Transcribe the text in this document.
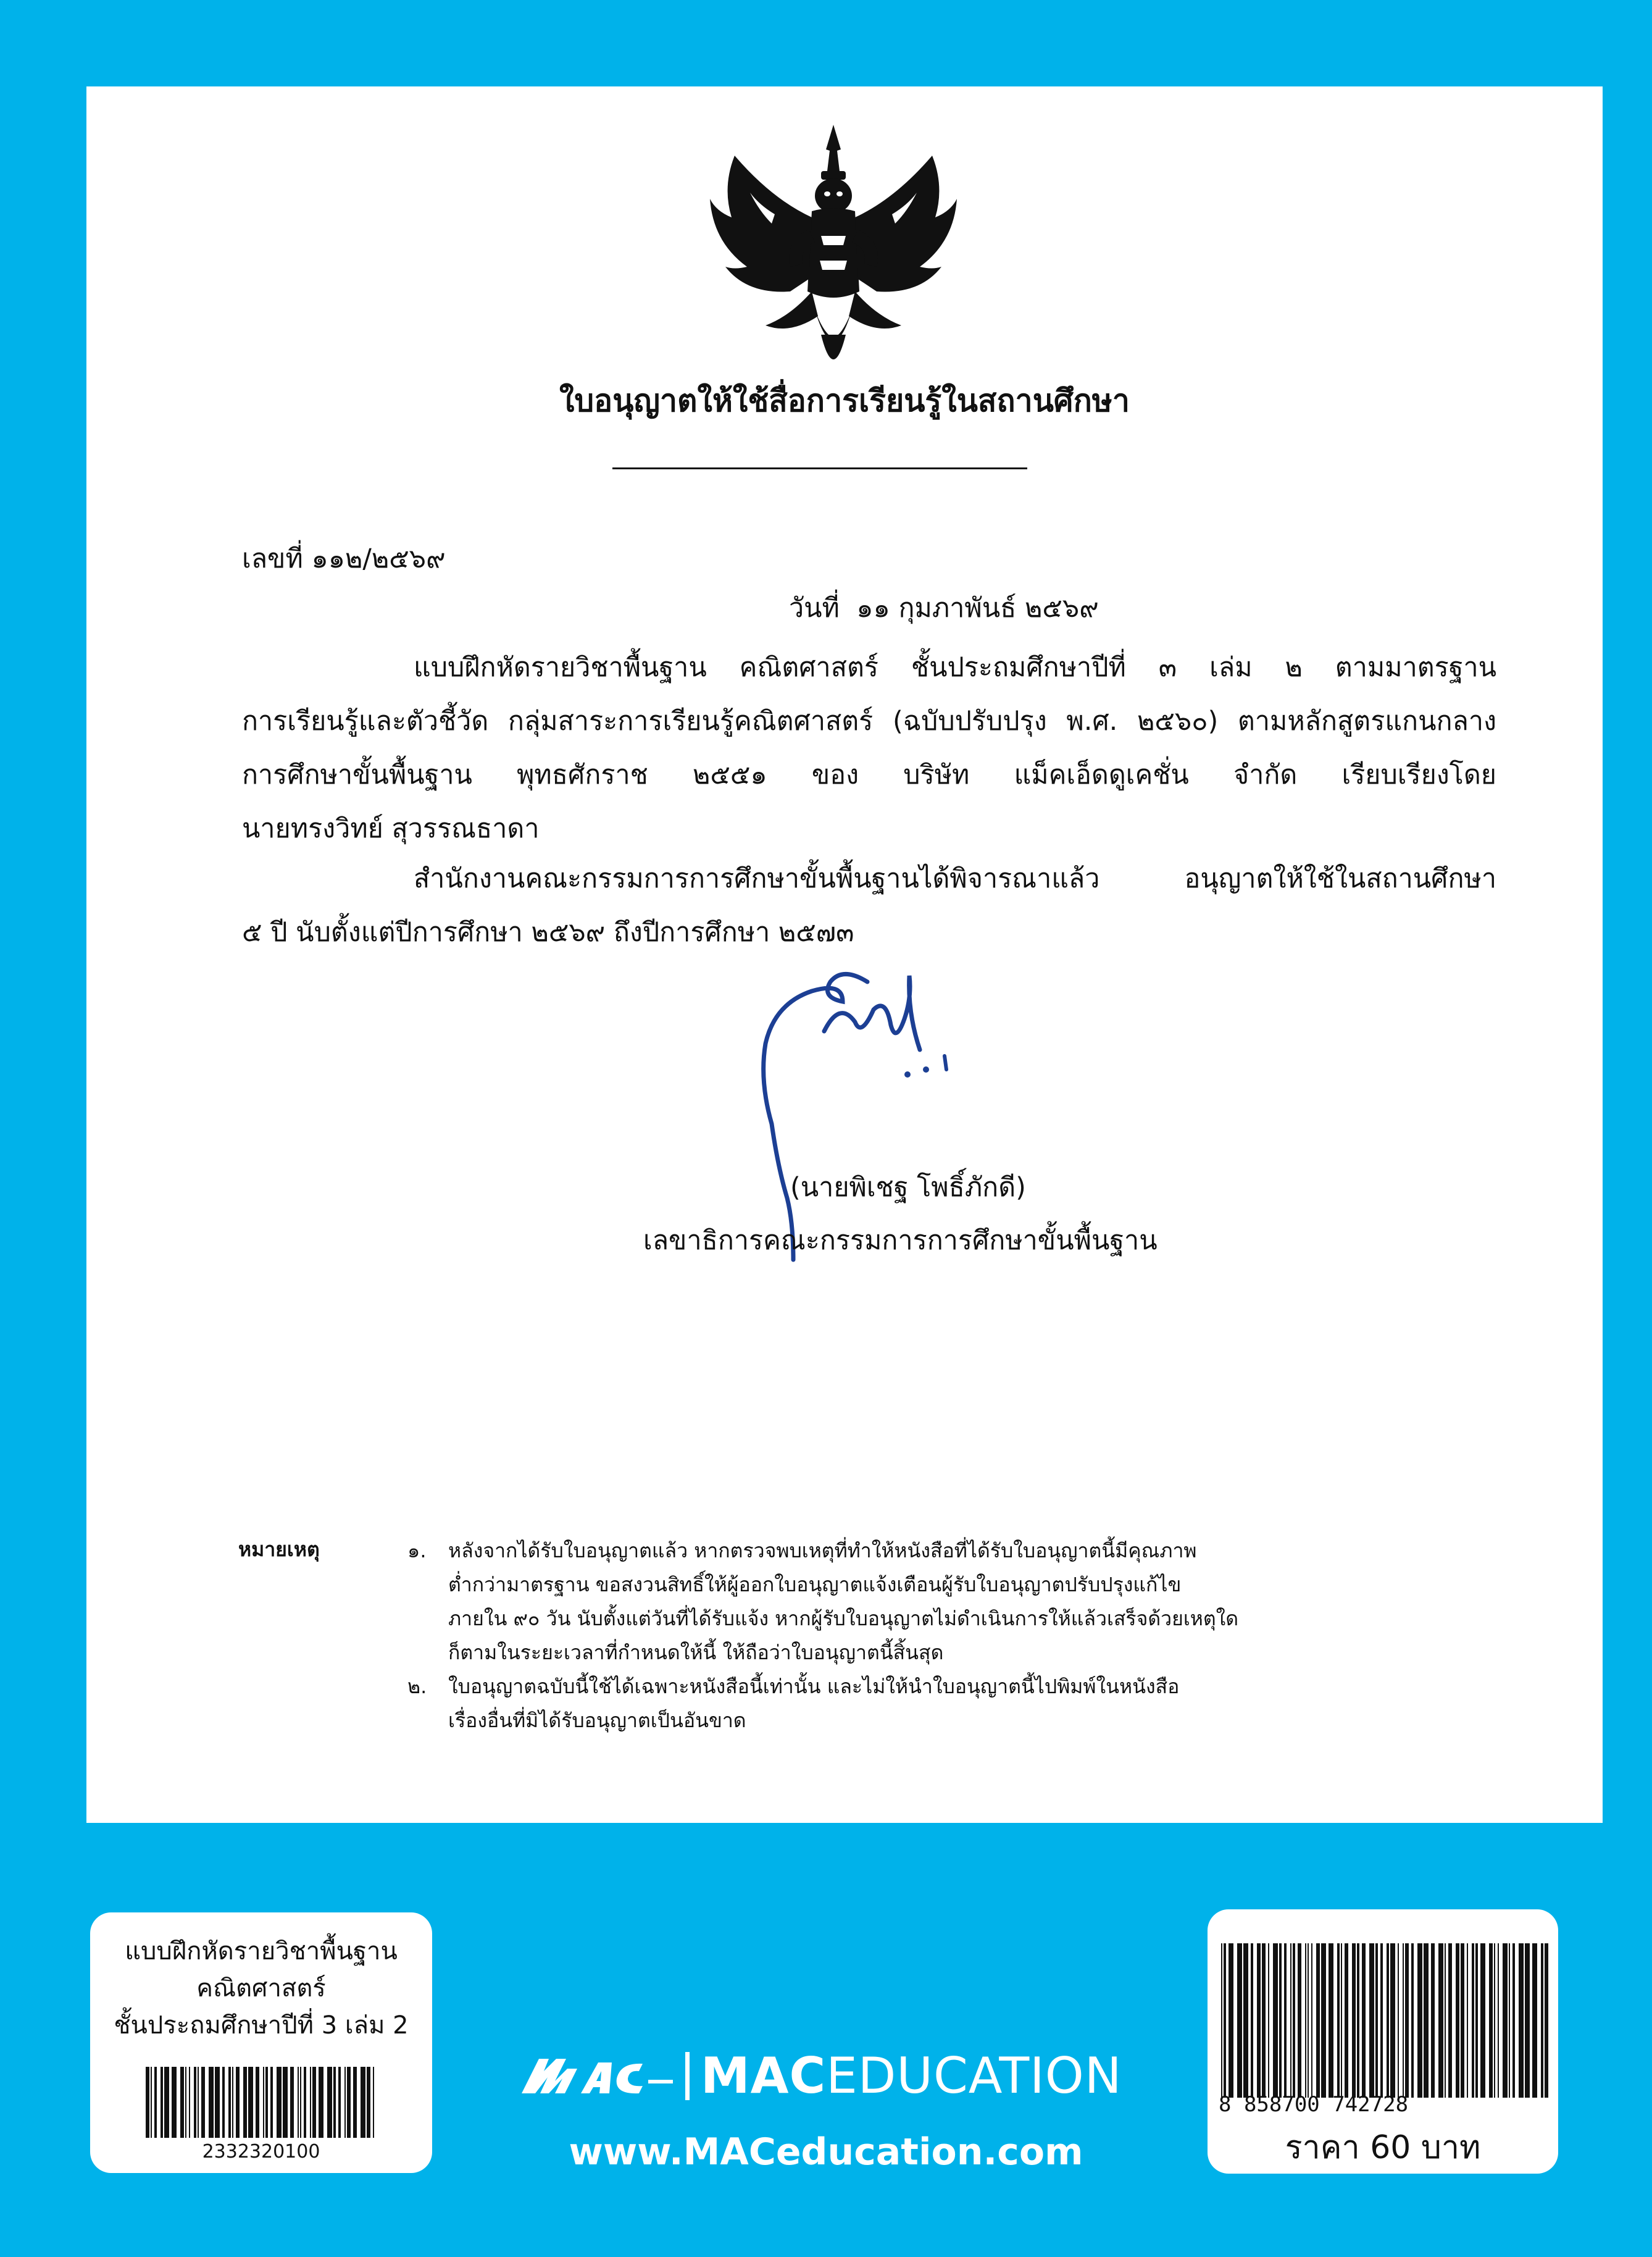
ใบอนุญาตให้ใช้สื่อการเรียนรู้ในสถานศึกษา
เลขที่ ๑๑๒/๒๕๖๙
วันที่ ๑๑ กุมภาพันธ์ ๒๕๖๙
แบบฝึกหัดรายวิชาพื้นฐาน คณิตศาสตร์ ชั้นประถมศึกษาปีที่ ๓ เล่ม ๒ ตามมาตรฐาน
การเรียนรู้และตัวชี้วัด กลุ่มสาระการเรียนรู้คณิตศาสตร์ (ฉบับปรับปรุง พ.ศ. ๒๕๖๐) ตามหลักสูตรแกนกลาง
การศึกษาขั้นพื้นฐาน พุทธศักราช ๒๕๕๑ ของ บริษัท แม็คเอ็ดดูเคชั่น จำกัด เรียบเรียงโดย
นายทรงวิทย์ สุวรรณธาดา
สำนักงานคณะกรรมการการศึกษาขั้นพื้นฐานได้พิจารณาแล้ว อนุญาตให้ใช้ในสถานศึกษา
๕ ปี นับตั้งแต่ปีการศึกษา ๒๕๖๙ ถึงปีการศึกษา ๒๕๗๓
(นายพิเชฐ โพธิ์ภักดี)
เลขาธิการคณะกรรมการการศึกษาขั้นพื้นฐาน
หมายเหตุ	๑.	หลังจากได้รับใบอนุญาตแล้ว หากตรวจพบเหตุที่ทำให้หนังสือที่ได้รับใบอนุญาตนี้มีคุณภาพ
ต่ำกว่ามาตรฐาน ขอสงวนสิทธิ์ให้ผู้ออกใบอนุญาตแจ้งเตือนผู้รับใบอนุญาตปรับปรุงแก้ไข
ภายใน ๙๐ วัน นับตั้งแต่วันที่ได้รับแจ้ง หากผู้รับใบอนุญาตไม่ดำเนินการให้แล้วเสร็จด้วยเหตุใด
ก็ตามในระยะเวลาที่กำหนดให้นี้ ให้ถือว่าใบอนุญาตนี้สิ้นสุด
๒.	ใบอนุญาตฉบับนี้ใช้ได้เฉพาะหนังสือนี้เท่านั้น และไม่ให้นำใบอนุญาตนี้ไปพิมพ์ในหนังสือ
เรื่องอื่นที่มิได้รับอนุญาตเป็นอันขาด
แบบฝึกหัดรายวิชาพื้นฐาน
คณิตศาสตร์
ชั้นประถมศึกษาปีที่ 3 เล่ม 2
2332320100
MACEDUCATION
www.MACeducation.com
8 858700 742728
ราคา 60 บาท
